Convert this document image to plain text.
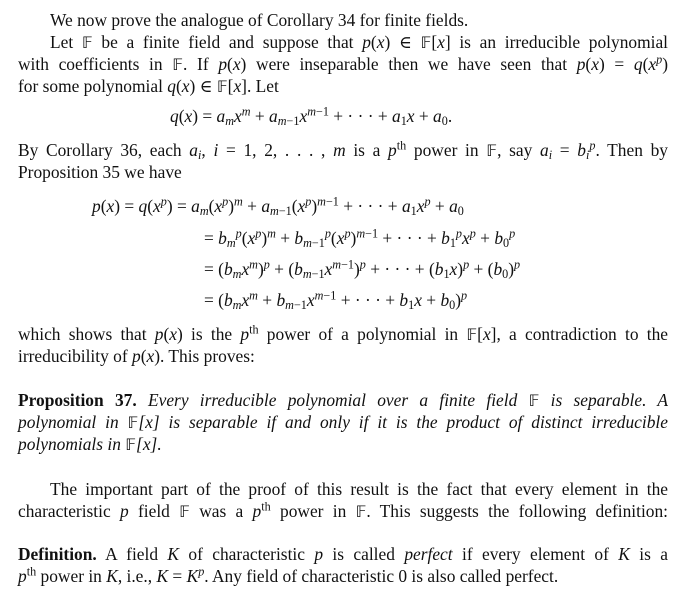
We now prove the analogue of Corollary 34 for finite fields.
Let 𝔽 be a finite field and suppose that p(x) ∈ 𝔽[x] is an irreducible polynomial
with coefficients in 𝔽. If p(x) were inseparable then we have seen that $p(x) = q(x^p)$
for some polynomial q(x) ∈ 𝔽[x]. Let
$q(x) = a_mx^m + a_{m-1}x^{m-1}$ + · · · + $a_1x + a_0$.
By Corollary 36, each $a_i$, i = 1, 2, . . . , m is a $p^{th}$ power in 𝔽, say $a_i = b_i^p$. Then by
Proposition 35 we have
$p(x) = q(x^p) = a_m(x^p)^m + a_{m-1}(x^p)^{m-1}$ + · · · + $a_1x^p + a_0$
= $b_m^p(x^p)^m + b_{m-1}^p(x^p)^{m-1}$ + · · · + $b_1^px^p + b_0^p$
= $(b_mx^m)^p + (b_{m-1}x^{m-1})^p$ + · · · + $(b_1x)^p + (b_0)^p$
= ($b_mx^m + b_{m-1}x^{m-1}$ + · · · + $b_1x + b_0)^p$
which shows that p(x) is the $p^{th}$ power of a polynomial in 𝔽[x], a contradiction to the
irreducibility of p(x). This proves:
Proposition 37. Every irreducible polynomial over a finite field 𝔽 is separable. A
polynomial in 𝔽[x] is separable if and only if it is the product of distinct irreducible
polynomials in 𝔽[x].
The important part of the proof of this result is the fact that every element in the
characteristic p field 𝔽 was a $p^{th}$ power in 𝔽. This suggests the following definition:
Definition. A field K of characteristic p is called perfect if every element of K is a
$p^{th}$ power in K, i.e., $K = K^p$. Any field of characteristic 0 is also called perfect.
